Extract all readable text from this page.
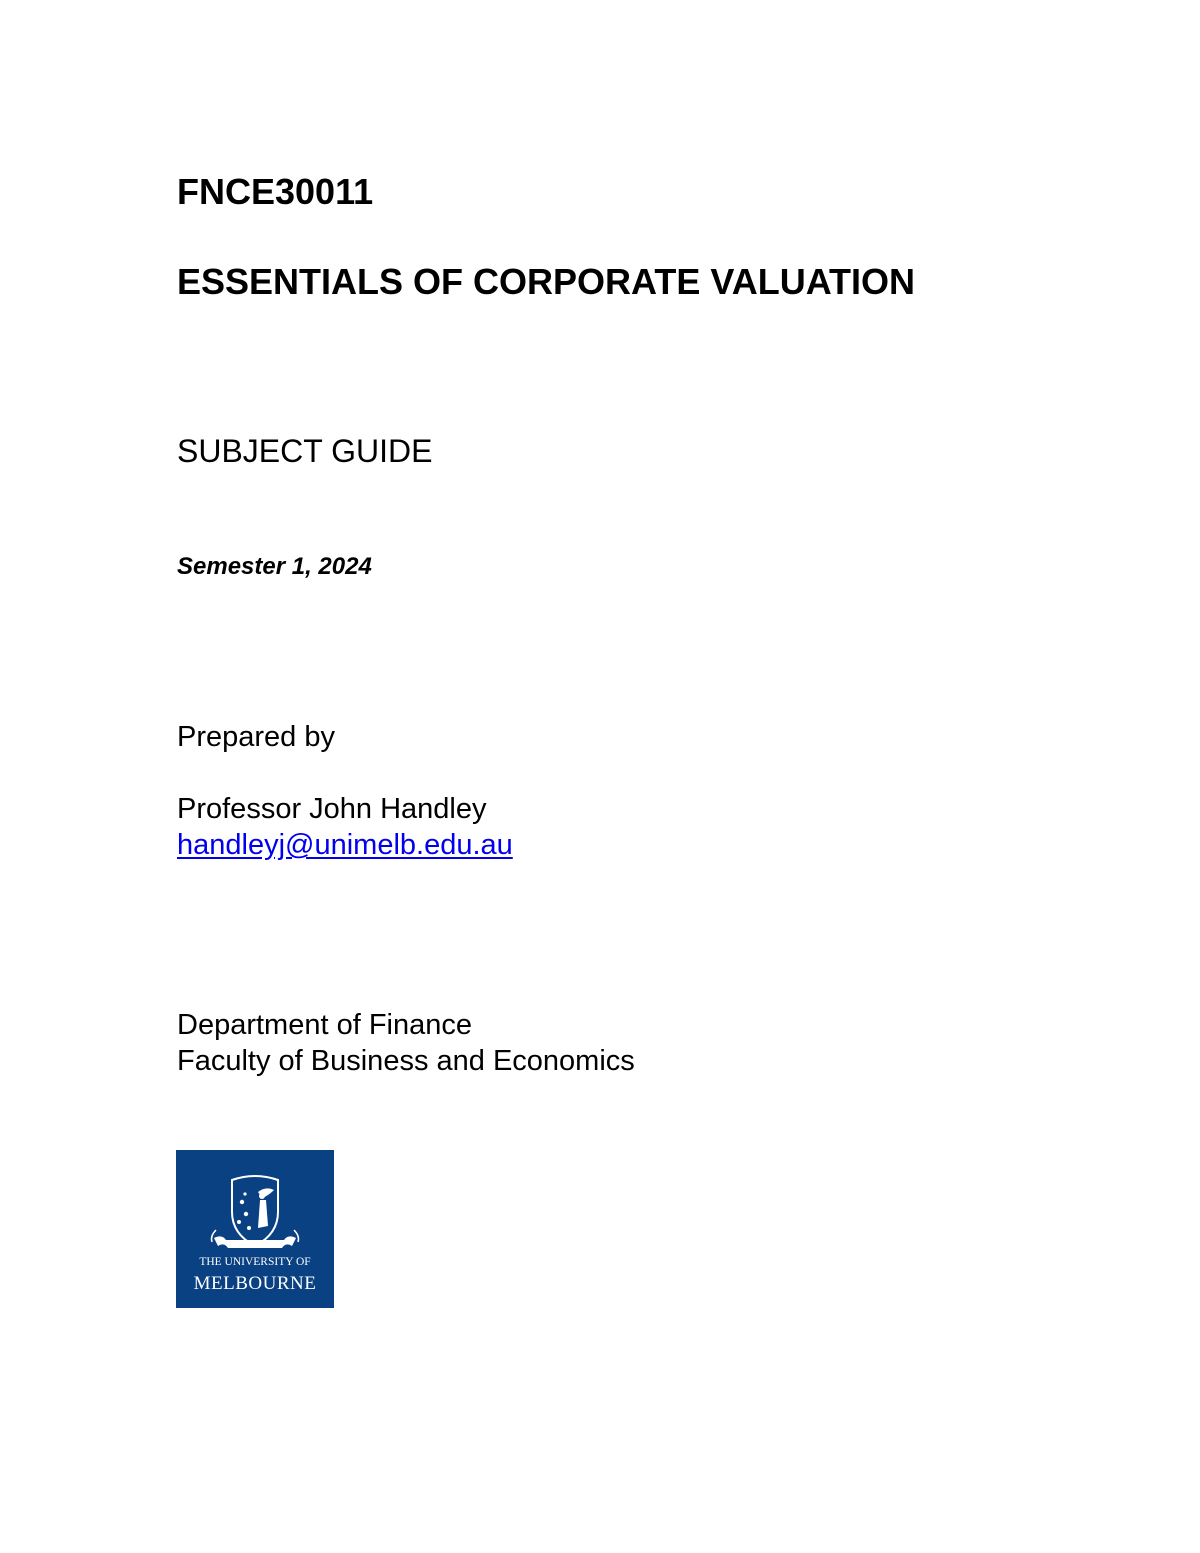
FNCE30011
ESSENTIALS OF CORPORATE VALUATION
SUBJECT GUIDE
Semester 1, 2024
Prepared by
Professor John Handley
handleyj@unimelb.edu.au
Department of Finance
Faculty of Business and Economics
THE UNIVERSITY OF
MELBOURNE
